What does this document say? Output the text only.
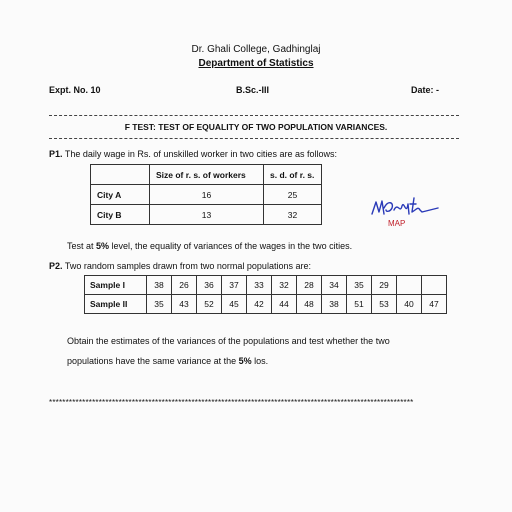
Dr. Ghali College, Gadhinglaj
Department of Statistics
Expt. No. 10	B.Sc.-III	Date: -
F TEST: TEST OF EQUALITY OF TWO POPULATION VARIANCES.
P1. The daily wage in Rs. of unskilled worker in two cities are as follows:
	Size of r. s. of workers	s. d. of r. s.
City A	16	25
City B	13	32
MAP
Test at 5% level, the equality of variances of the wages in the two cities.
P2. Two random samples drawn from two normal populations are:
Sample I	38	26	36	37	33	32	28	34	35	29		
Sample II	35	43	52	45	42	44	48	38	51	53	40	47
Obtain the estimates of the variances of the populations and test whether the two
populations have the same variance at the 5% los.
**************************************************************************************************************
